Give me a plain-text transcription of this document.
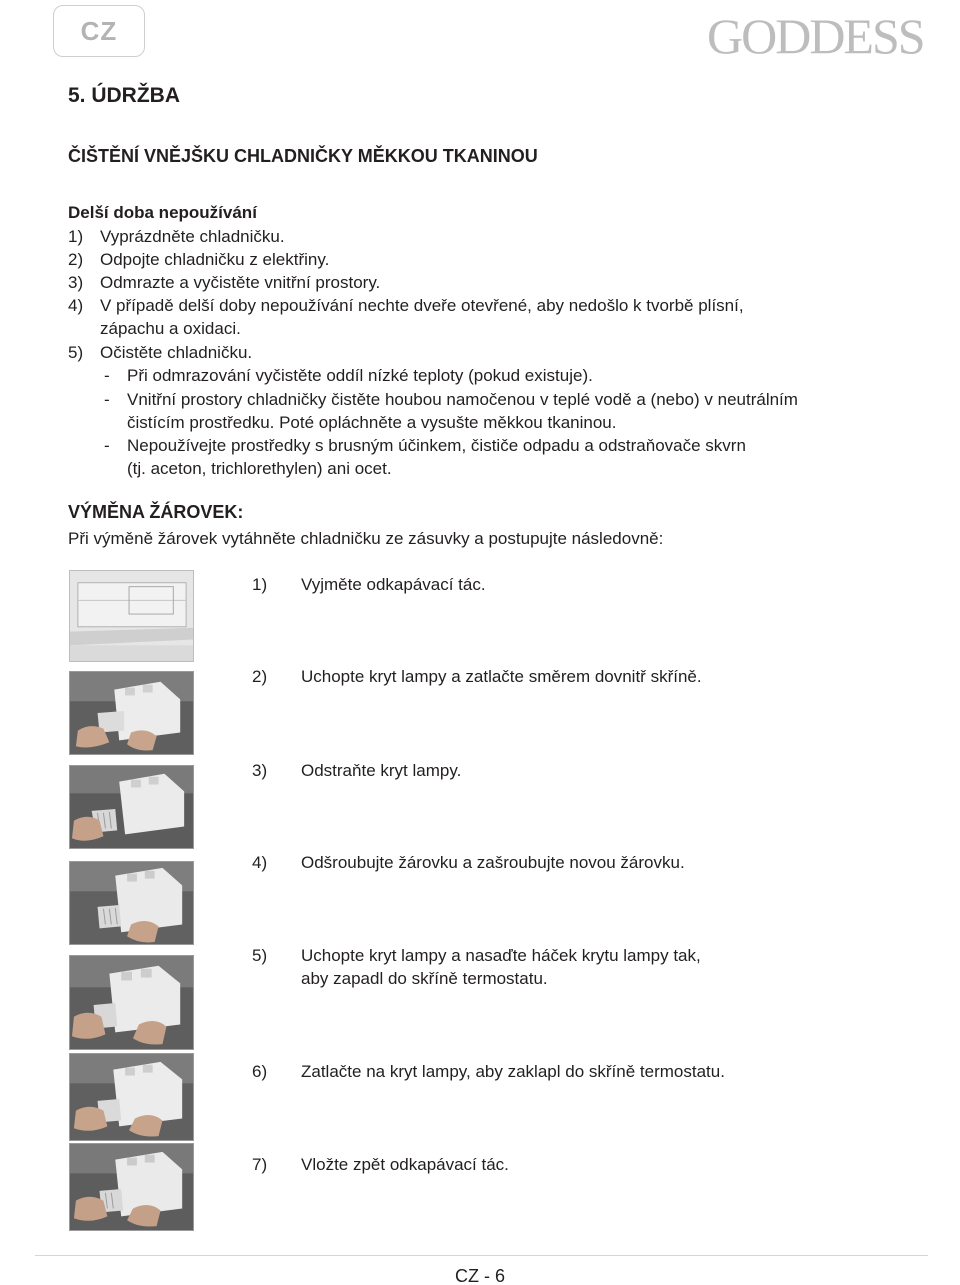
CZ	GODDESS
5. ÚDRŽBA
ČIŠTĚNÍ VNĚJŠKU CHLADNIČKY MĚKKOU TKANINOU
Delší doba nepoužívání
1) Vyprázdněte chladničku.
2) Odpojte chladničku z elektřiny.
3) Odmrazte a vyčistěte vnitřní prostory.
4) V případě delší doby nepoužívání nechte dveře otevřené, aby nedošlo k tvorbě plísní,
zápachu a oxidaci.
5) Očistěte chladničku.
- Při odmrazování vyčistěte oddíl nízké teploty (pokud existuje).
- Vnitřní prostory chladničky čistěte houbou namočenou v teplé vodě a (nebo) v neutrálním
čistícím prostředku. Poté opláchněte a vysušte měkkou tkaninou.
- Nepoužívejte prostředky s brusným účinkem, čističe odpadu a odstraňovače skvrn
(tj. aceton, trichlorethylen) ani ocet.
VÝMĚNA ŽÁROVEK:
Při výměně žárovek vytáhněte chladničku ze zásuvky a postupujte následovně:
1) Vyjměte odkapávací tác.
2) Uchopte kryt lampy a zatlačte směrem dovnitř skříně.
3) Odstraňte kryt lampy.
4) Odšroubujte žárovku a zašroubujte novou žárovku.
5) Uchopte kryt lampy a nasaďte háček krytu lampy tak,
aby zapadl do skříně termostatu.
6) Zatlačte na kryt lampy, aby zaklapl do skříně termostatu.
7) Vložte zpět odkapávací tác.
CZ - 6
